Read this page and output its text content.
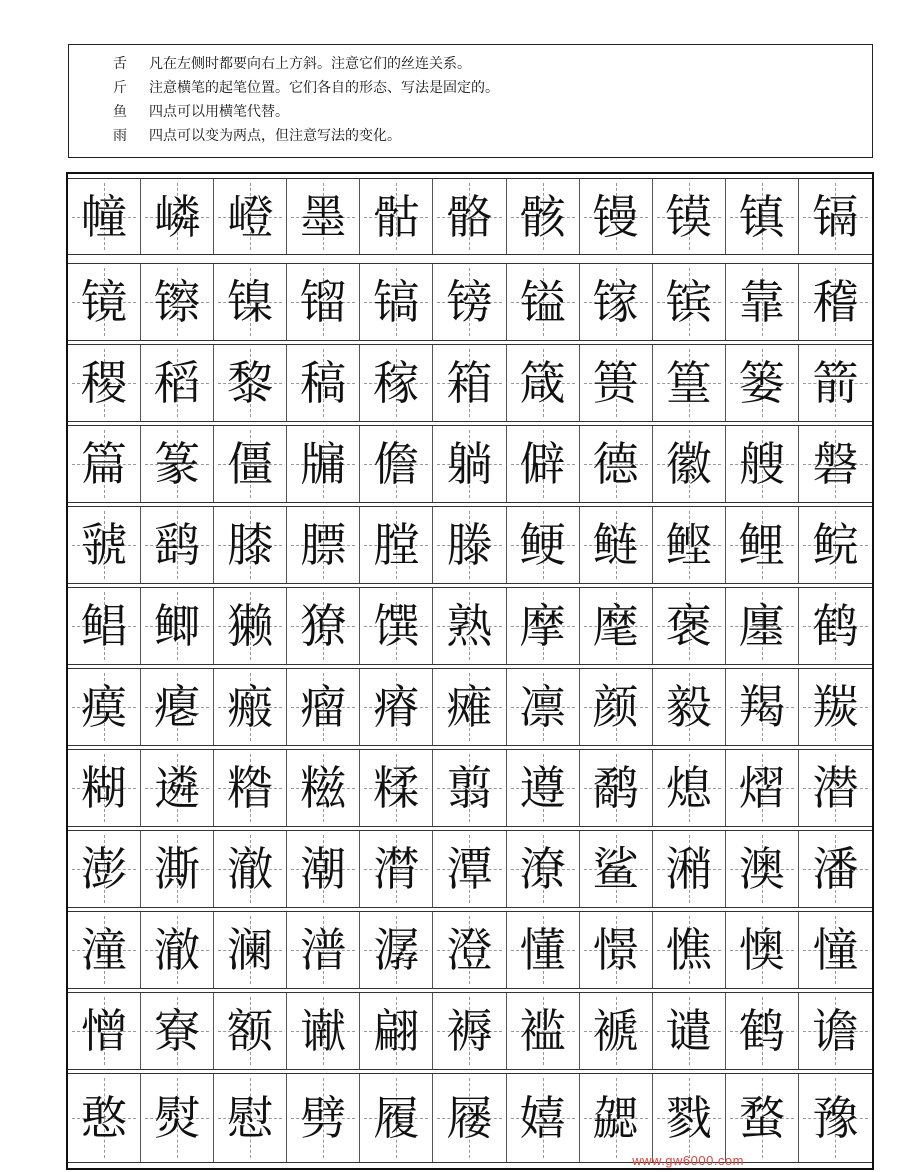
舌 凡在左侧时都要向右上方斜。注意它们的丝连关系。
斤 注意横笔的起笔位置。它们各自的形态、写法是固定的。
鱼 四点可以用横笔代替。
雨 四点可以变为两点，但注意写法的变化。
幢 嶙 嶝 墨 骷 骼 骸 镘 镆 镇 镉
镜 镲 镍 镏 镐 镑 镒 镓 镔 靠 稽
稷 稻 黎 稿 稼 箱 箴 篑 篁 篓 箭
篇 篆 僵 牖 儋 躺 僻 德 徽 艘 磐
虢 鹞 膝 膘 膛 滕 鲠 鲢 鲣 鲤 鲩
鲳 鲫 獭 獠 馔 熟 摩 麾 褒 廛 鹤
瘼 瘪 瘢 瘤 瘠 瘫 凛 颜 毅 羯 羰
糊 遴 糌 糍 糅 翦 遵 鹬 熄 熠 潜
澎 澌 澈 潮 潸 潭 潦 鲨 潲 澳 潘
潼 澈 澜 潽 潺 澄 懂 憬 憔 懊 憧
憎 寮 额 谳 翩 褥 褴 褫 谴 鹤 谵
憨 熨 慰 劈 履 屦 嬉 勰 戮 蝥 豫
www.gw6000.com
